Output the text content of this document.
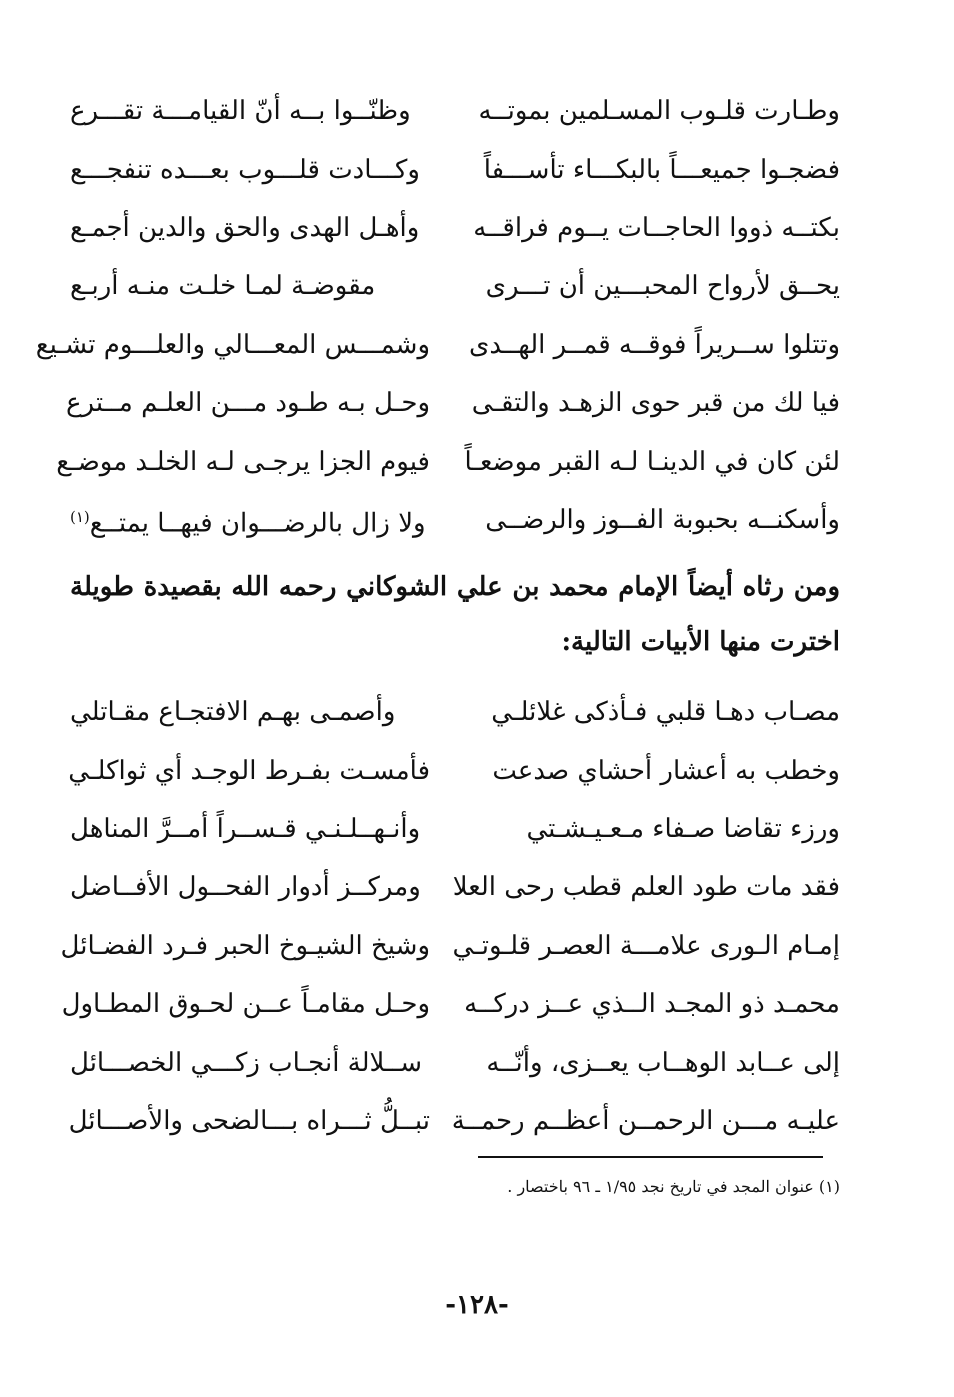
وطـارت قلـوب المسـلمين بموتــه
وظنّــوا بــه أنّ القيامـــة تقـــرع
فضجـوا جميعـــاً بالبكـــاء تأســـفاً
وكـــادت قلـــوب بعـــده تنفجـــع
بكتــه ذووا الحاجــات يــوم فراقــه
وأهـل الهدى والحق والدين أجمـع
يحــق لأرواح المحبـــين أن تـــرى
مقوضـة لمـا خلـت منـه أربـع
وتتلوا ســريراً فوقــه قمــر الهــدى
وشمـــس المعـــالي والعلـــوم تشـيع
فيا لك من قبر حوى الزهـد والتقـى
وحـل بـه طـود مـــن العلـم مــترع
لئن كان في الدينـا لـه القبر موضعـاً
فيوم الجزا يرجـى لـه الخلـد موضـع
وأسكنــه بحبوبة الفــوز والرضــى
ولا زال بالرضـــوان فيهــا يمتــع$^{(١)}$
ومن رثاه أيضاً الإمام محمد بن علي الشوكاني رحمه الله بقصيدة طويلة اخترت منها الأبيات التالية:
مصـاب دهـا قلبي فـأذكى غلائلـي
وأصمـى بهـم الافتجـاع مقـاتلي
وخطب به أعشار أحشاي صدعت
فأمسـت بفـرط الوجـد أي ثواكلـي
ورزء تقاضا صـفاء مـعـيـشـتي
وأنـهــلـنـي قـســراً أمــرَّ المناهل
فقد مات طود العلم قطب رحى العلا
ومركــز أدوار الفحــول الأفــاضل
إمـام الـورى علامـــة العصـر قلـوتـي
وشيخ الشيـوخ الحبر فـرد الفضـائل
محمـد ذو المجـد الــذي عــز دركــه
وحـل مقامـاً عــن لحـوق المطـاول
إلى عــابد الوهــاب يعــزى، وأنّــه
ســلالة أنجـاب زكـــي الخصـــائل
عليـه مـــن الرحمــن أعظــم رحمــة
تبــلُّ ثـــراه بـــالضحى والأصـــائل
(١) عنوان المجد في تاريخ نجد ١/٩٥ ـ ٩٦ باختصار .
-١٢٨-
